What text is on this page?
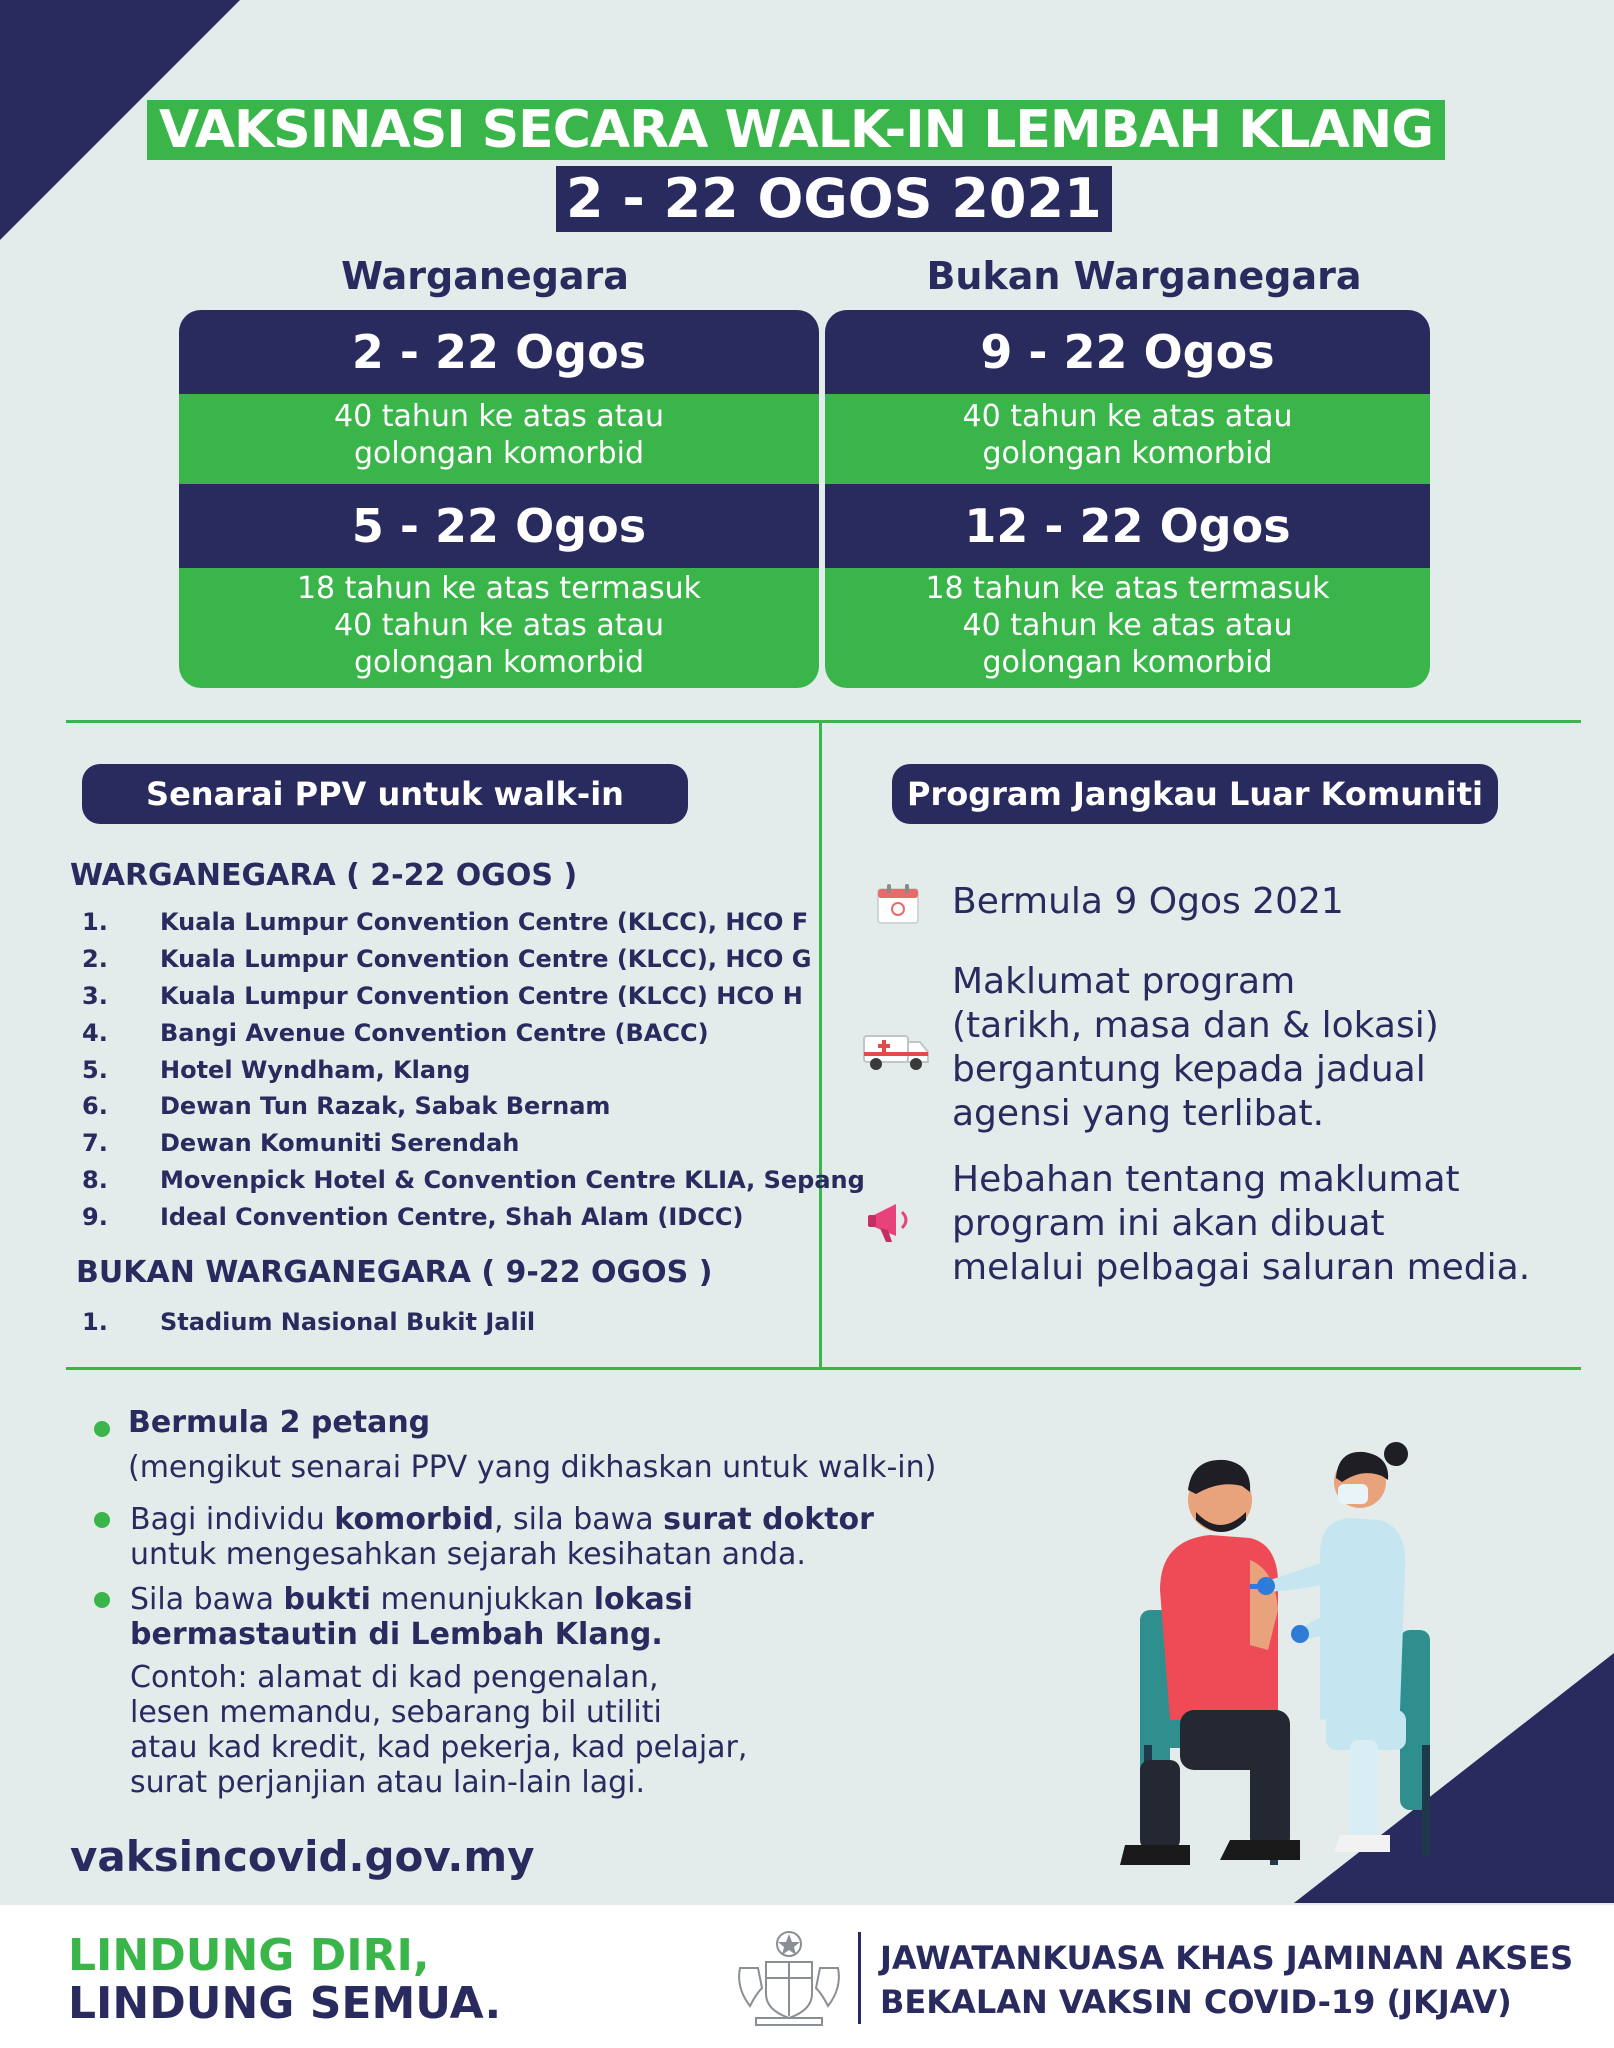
VAKSINASI SECARA WALK-IN LEMBAH KLANG
2 - 22 OGOS 2021
Warganegara	Bukan Warganegara
2 - 22 Ogos
40 tahun ke atas atau
golongan komorbid
5 - 22 Ogos
18 tahun ke atas termasuk
40 tahun ke atas atau
golongan komorbid
9 - 22 Ogos
40 tahun ke atas atau
golongan komorbid
12 - 22 Ogos
18 tahun ke atas termasuk
40 tahun ke atas atau
golongan komorbid
Senarai PPV untuk walk-in
WARGANEGARA ( 2-22 OGOS )
1. Kuala Lumpur Convention Centre (KLCC), HCO F
2. Kuala Lumpur Convention Centre (KLCC), HCO G
3. Kuala Lumpur Convention Centre (KLCC) HCO H
4. Bangi Avenue Convention Centre (BACC)
5. Hotel Wyndham, Klang
6. Dewan Tun Razak, Sabak Bernam
7. Dewan Komuniti Serendah
8. Movenpick Hotel & Convention Centre KLIA, Sepang
9. Ideal Convention Centre, Shah Alam (IDCC)
BUKAN WARGANEGARA ( 9-22 OGOS )
1. Stadium Nasional Bukit Jalil
Program Jangkau Luar Komuniti
Bermula 9 Ogos 2021
Maklumat program
(tarikh, masa dan & lokasi)
bergantung kepada jadual
agensi yang terlibat.
Hebahan tentang maklumat
program ini akan dibuat
melalui pelbagai saluran media.
Bermula 2 petang
(mengikut senarai PPV yang dikhaskan untuk walk-in)
Bagi individu komorbid, sila bawa surat doktor
untuk mengesahkan sejarah kesihatan anda.
Sila bawa bukti menunjukkan lokasi
bermastautin di Lembah Klang.
Contoh: alamat di kad pengenalan,
lesen memandu, sebarang bil utiliti
atau kad kredit, kad pekerja, kad pelajar,
surat perjanjian atau lain-lain lagi.
vaksincovid.gov.my
LINDUNG DIRI,
LINDUNG SEMUA.
JAWATANKUASA KHAS JAMINAN AKSES
BEKALAN VAKSIN COVID-19 (JKJAV)
